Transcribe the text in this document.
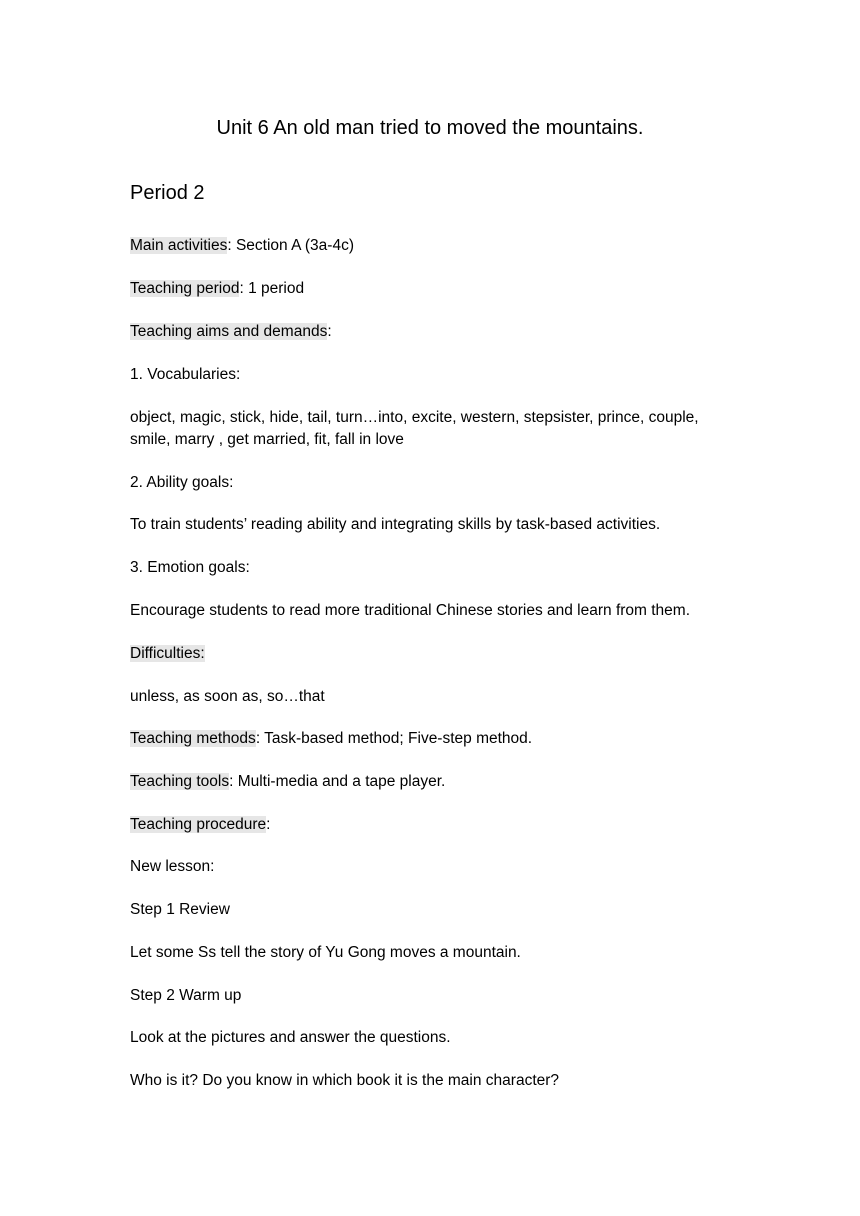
Unit 6 An old man tried to moved the mountains.
Period 2
Main activities: Section A (3a-4c)
Teaching period: 1 period
Teaching aims and demands:
1. Vocabularies:
object, magic, stick, hide, tail, turn…into, excite, western, stepsister, prince, couple,
smile, marry , get married, fit, fall in love
2. Ability goals:
To train students’ reading ability and integrating skills by task-based activities.
3. Emotion goals:
Encourage students to read more traditional Chinese stories and learn from them.
Difficulties:
unless, as soon as, so…that
Teaching methods: Task-based method; Five-step method.
Teaching tools: Multi-media and a tape player.
Teaching procedure:
New lesson:
Step 1 Review
Let some Ss tell the story of Yu Gong moves a mountain.
Step 2 Warm up
Look at the pictures and answer the questions.
Who is it? Do you know in which book it is the main character?
